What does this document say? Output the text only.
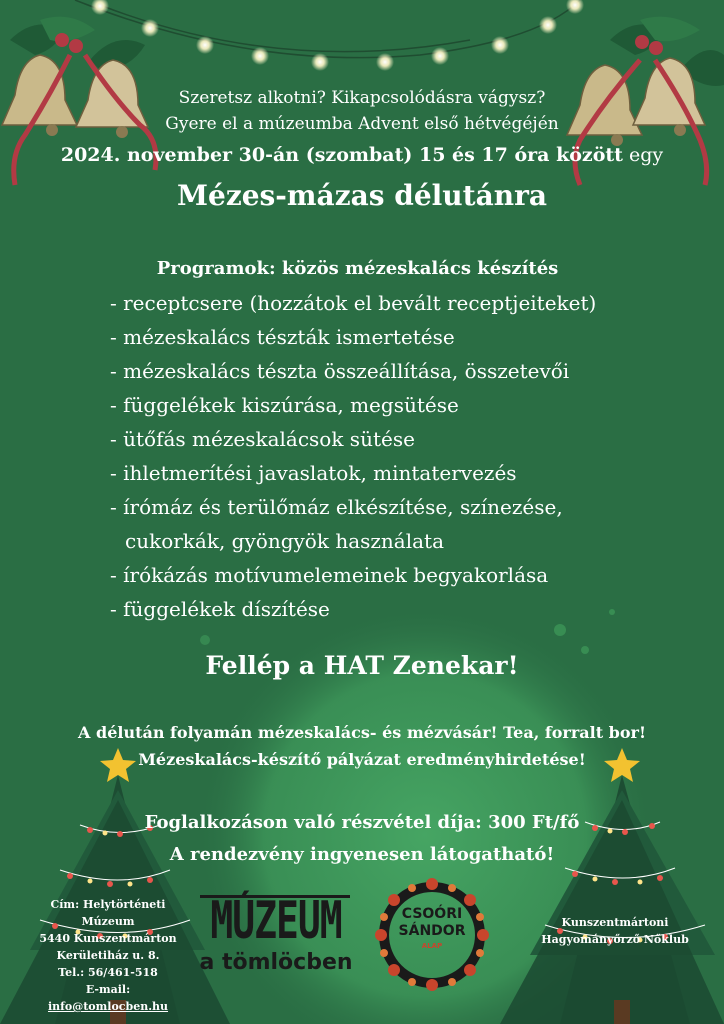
Szeretsz alkotni? Kikapcsolódásra vágysz?
Gyere el a múzeumba Advent első hétvégéjén
2024. november 30-án (szombat) 15 és 17 óra között egy
Mézes-mázas délutánra
Programok: közös mézeskalács készítés
- receptcsere (hozzátok el bevált receptjeiteket)
- mézeskalács tészták ismertetése
- mézeskalács tészta összeállítása, összetevői
- függelékek kiszúrása, megsütése
- ütőfás mézeskalácsok sütése
- ihletmerítési javaslatok, mintatervezés
- írómáz és terülőmáz elkészítése, színezése,
cukorkák, gyöngyök használata
- írókázás motívumelemeinek begyakorlása
- függelékek díszítése
Fellép a HAT Zenekar!
A délután folyamán mézeskalács- és mézvásár! Tea, forralt bor!
Mézeskalács-készítő pályázat eredményhirdetése!
Foglalkozáson való részvétel díja: 300 Ft/fő
A rendezvény ingyenesen látogatható!
Cím: Helytörténeti Múzeum
5440 Kunszentmárton
Kerületiház u. 8.
Tel.: 56/461-518
E-mail: info@tomlocben.hu
MÚZEUM
a tömlöcben
CSOÓRI
SÁNDOR
ALAP
Kunszentmártoni
Hagyományőrző Nőklub
